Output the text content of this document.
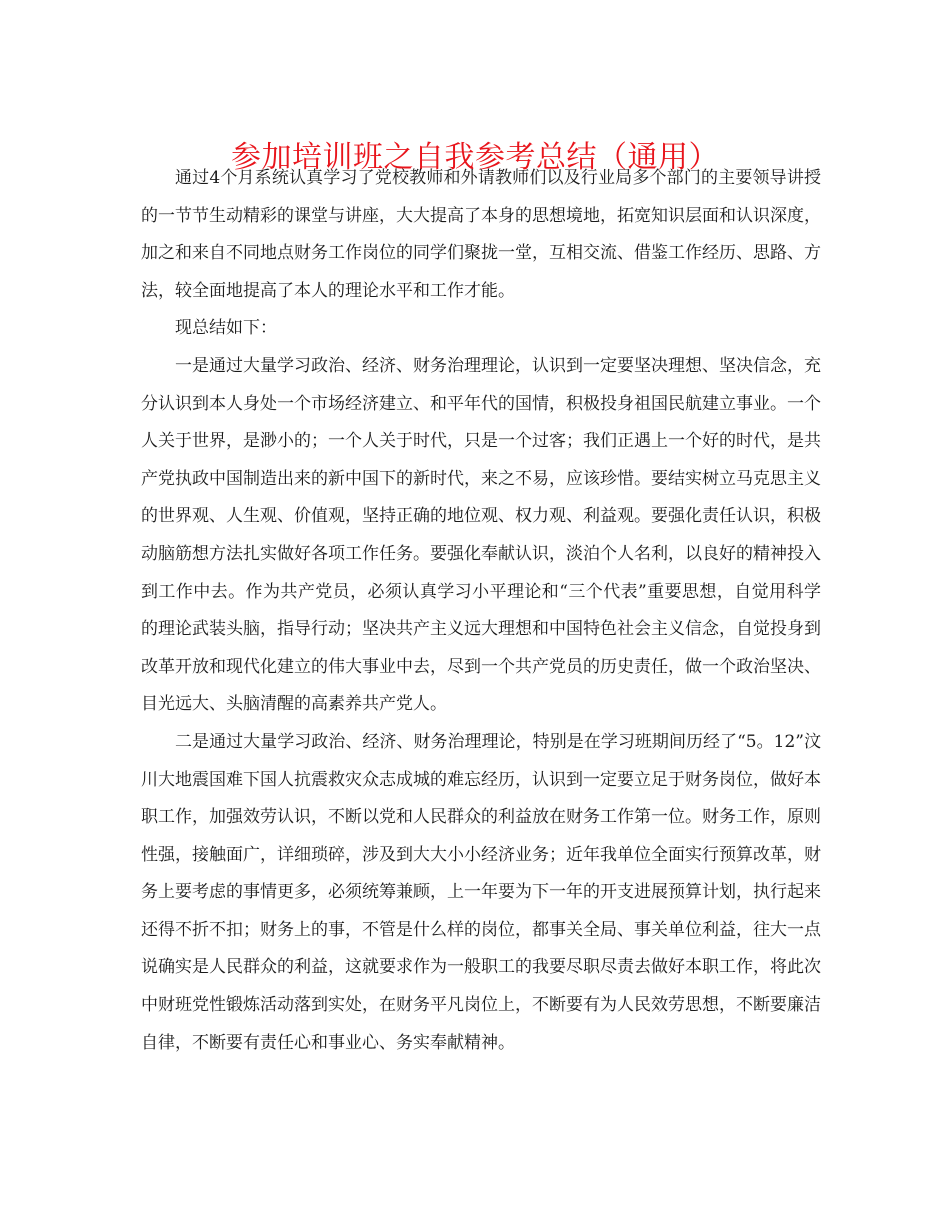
参加培训班之自我参考总结（通用）

通过4个月系统认真学习了党校教师和外请教师们以及行业局多个部门的主要领导讲授的一节节生动精彩的课堂与讲座，大大提高了本身的思想境地，拓宽知识层面和认识深度，加之和来自不同地点财务工作岗位的同学们聚拢一堂，互相交流、借鉴工作经历、思路、方法，较全面地提高了本人的理论水平和工作才能。

现总结如下：

一是通过大量学习政治、经济、财务治理理论，认识到一定要坚决理想、坚决信念，充分认识到本人身处一个市场经济建立、和平年代的国情，积极投身祖国民航建立事业。一个人关于世界，是渺小的；一个人关于时代，只是一个过客；我们正遇上一个好的时代，是共产党执政中国制造出来的新中国下的新时代，来之不易，应该珍惜。要结实树立马克思主义的世界观、人生观、价值观，坚持正确的地位观、权力观、利益观。要强化责任认识，积极动脑筋想方法扎实做好各项工作任务。要强化奉献认识，淡泊个人名利，以良好的精神投入到工作中去。作为共产党员，必须认真学习小平理论和“三个代表”重要思想，自觉用科学的理论武装头脑，指导行动；坚决共产主义远大理想和中国特色社会主义信念，自觉投身到改革开放和现代化建立的伟大事业中去，尽到一个共产党员的历史责任，做一个政治坚决、目光远大、头脑清醒的高素养共产党人。

二是通过大量学习政治、经济、财务治理理论，特别是在学习班期间历经了“5。12”汶川大地震国难下国人抗震救灾众志成城的难忘经历，认识到一定要立足于财务岗位，做好本职工作，加强效劳认识，不断以党和人民群众的利益放在财务工作第一位。财务工作，原则性强，接触面广，详细琐碎，涉及到大大小小经济业务；近年我单位全面实行预算改革，财务上要考虑的事情更多，必须统筹兼顾，上一年要为下一年的开支进展预算计划，执行起来还得不折不扣；财务上的事，不管是什么样的岗位，都事关全局、事关单位利益，往大一点说确实是人民群众的利益，这就要求作为一般职工的我要尽职尽责去做好本职工作，将此次中财班党性锻炼活动落到实处，在财务平凡岗位上，不断要有为人民效劳思想，不断要廉洁自律，不断要有责任心和事业心、务实奉献精神。
